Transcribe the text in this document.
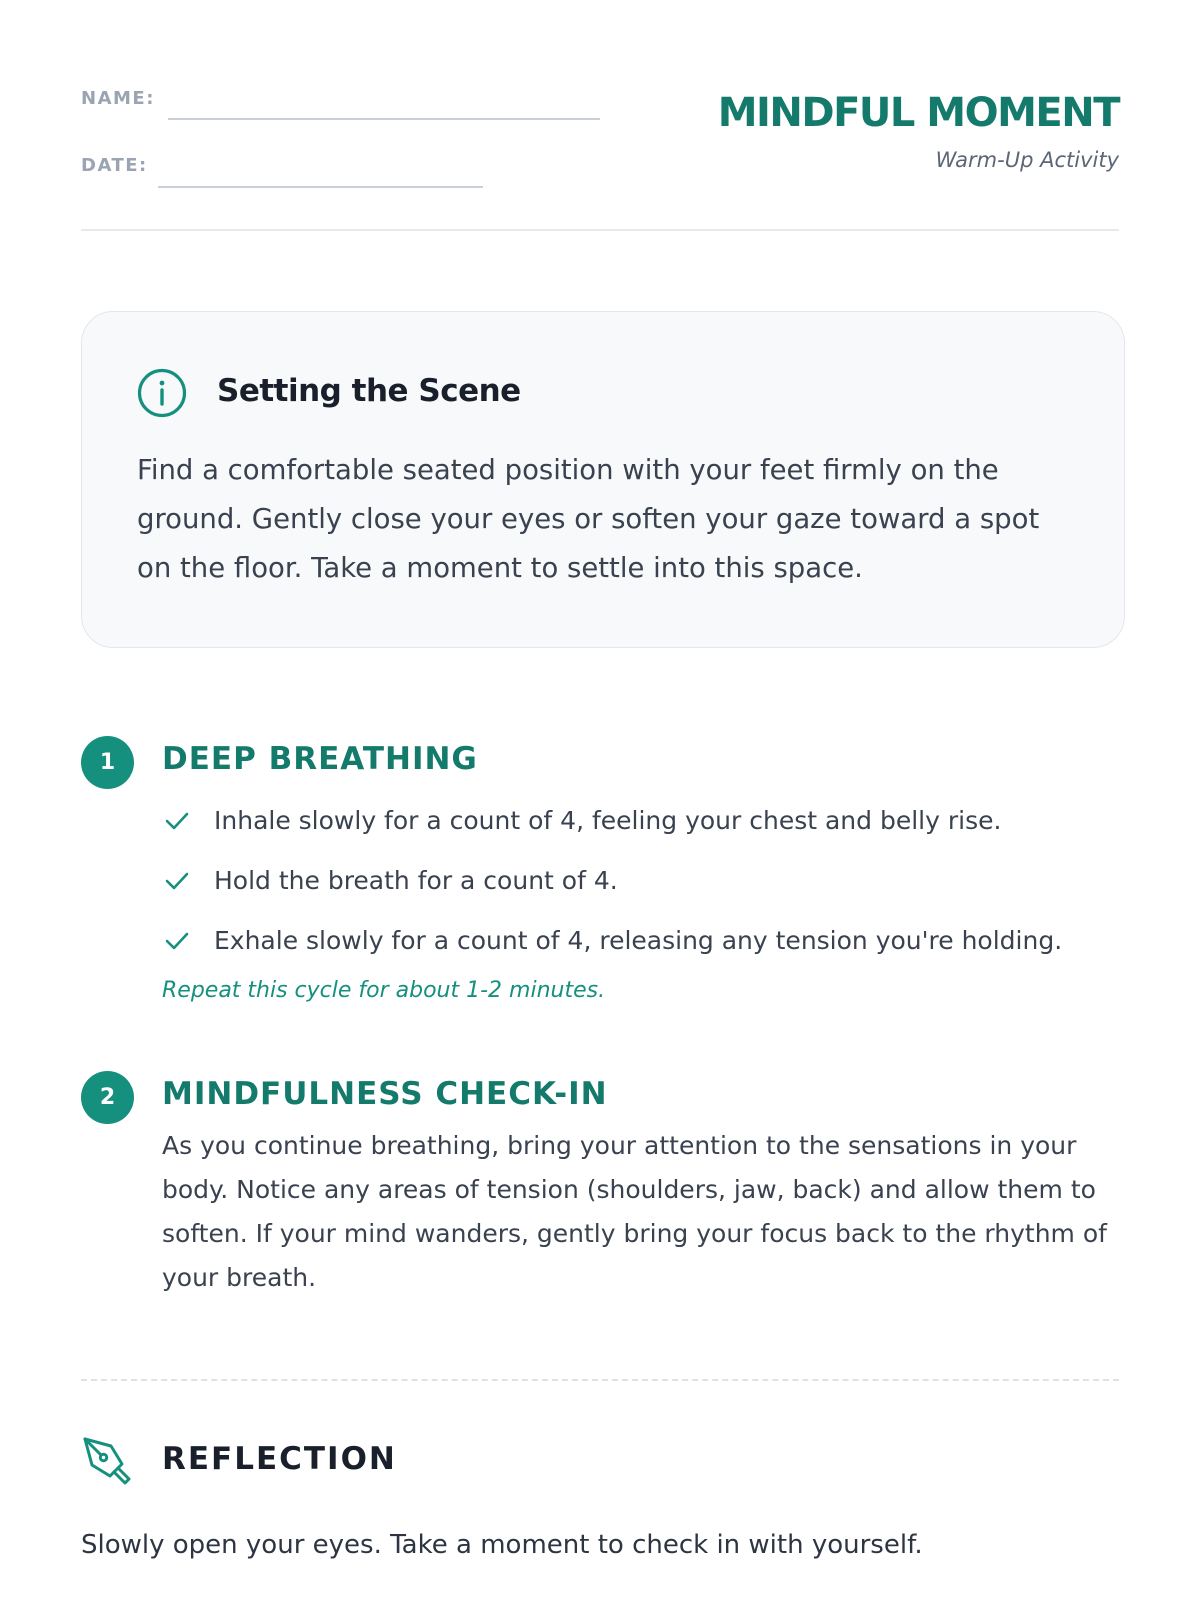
NAME:
DATE:
MINDFUL MOMENT
Warm-Up Activity
Setting the Scene

Find a comfortable seated position with your feet firmly on the ground. Gently close your eyes or soften your gaze toward a spot on the floor. Take a moment to settle into this space.

1	DEEP BREATHING
Inhale slowly for a count of 4, feeling your chest and belly rise.
Hold the breath for a count of 4.
Exhale slowly for a count of 4, releasing any tension you're holding.
Repeat this cycle for about 1-2 minutes.
2	MINDFULNESS CHECK-IN

As you continue breathing, bring your attention to the sensations in your body. Notice any areas of tension (shoulders, jaw, back) and allow them to soften. If your mind wanders, gently bring your focus back to the rhythm of your breath.

REFLECTION
Slowly open your eyes. Take a moment to check in with yourself.
